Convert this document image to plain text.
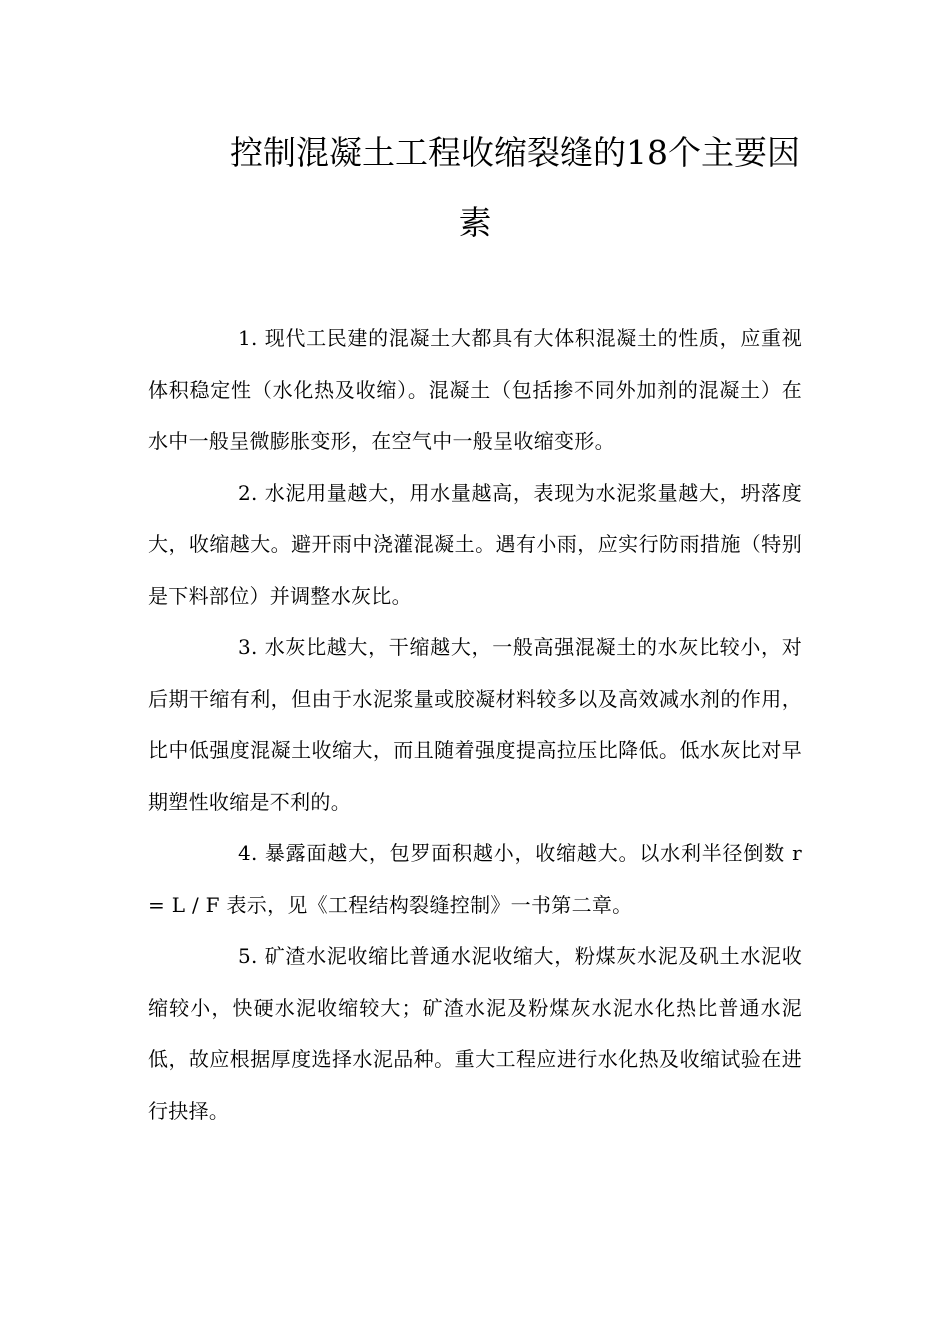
控制混凝土工程收缩裂缝的18个主要因
素

1. 现代工民建的混凝土大都具有大体积混凝土的性质，应重视体积稳定性（水化热及收缩）。混凝土（包括掺不同外加剂的混凝土）在水中一般呈微膨胀变形，在空气中一般呈收缩变形。

2. 水泥用量越大，用水量越高，表现为水泥浆量越大，坍落度大，收缩越大。避开雨中浇灌混凝土。遇有小雨，应实行防雨措施（特别是下料部位）并调整水灰比。

3. 水灰比越大，干缩越大，一般高强混凝土的水灰比较小，对后期干缩有利，但由于水泥浆量或胶凝材料较多以及高效减水剂的作用，比中低强度混凝土收缩大，而且随着强度提高拉压比降低。低水灰比对早期塑性收缩是不利的。

4. 暴露面越大，包罗面积越小，收缩越大。以水利半径倒数 r = L / F 表示，见《工程结构裂缝控制》一书第二章。

5. 矿渣水泥收缩比普通水泥收缩大，粉煤灰水泥及矾土水泥收缩较小，快硬水泥收缩较大；矿渣水泥及粉煤灰水泥水化热比普通水泥低，故应根据厚度选择水泥品种。重大工程应进行水化热及收缩试验在进行抉择。
